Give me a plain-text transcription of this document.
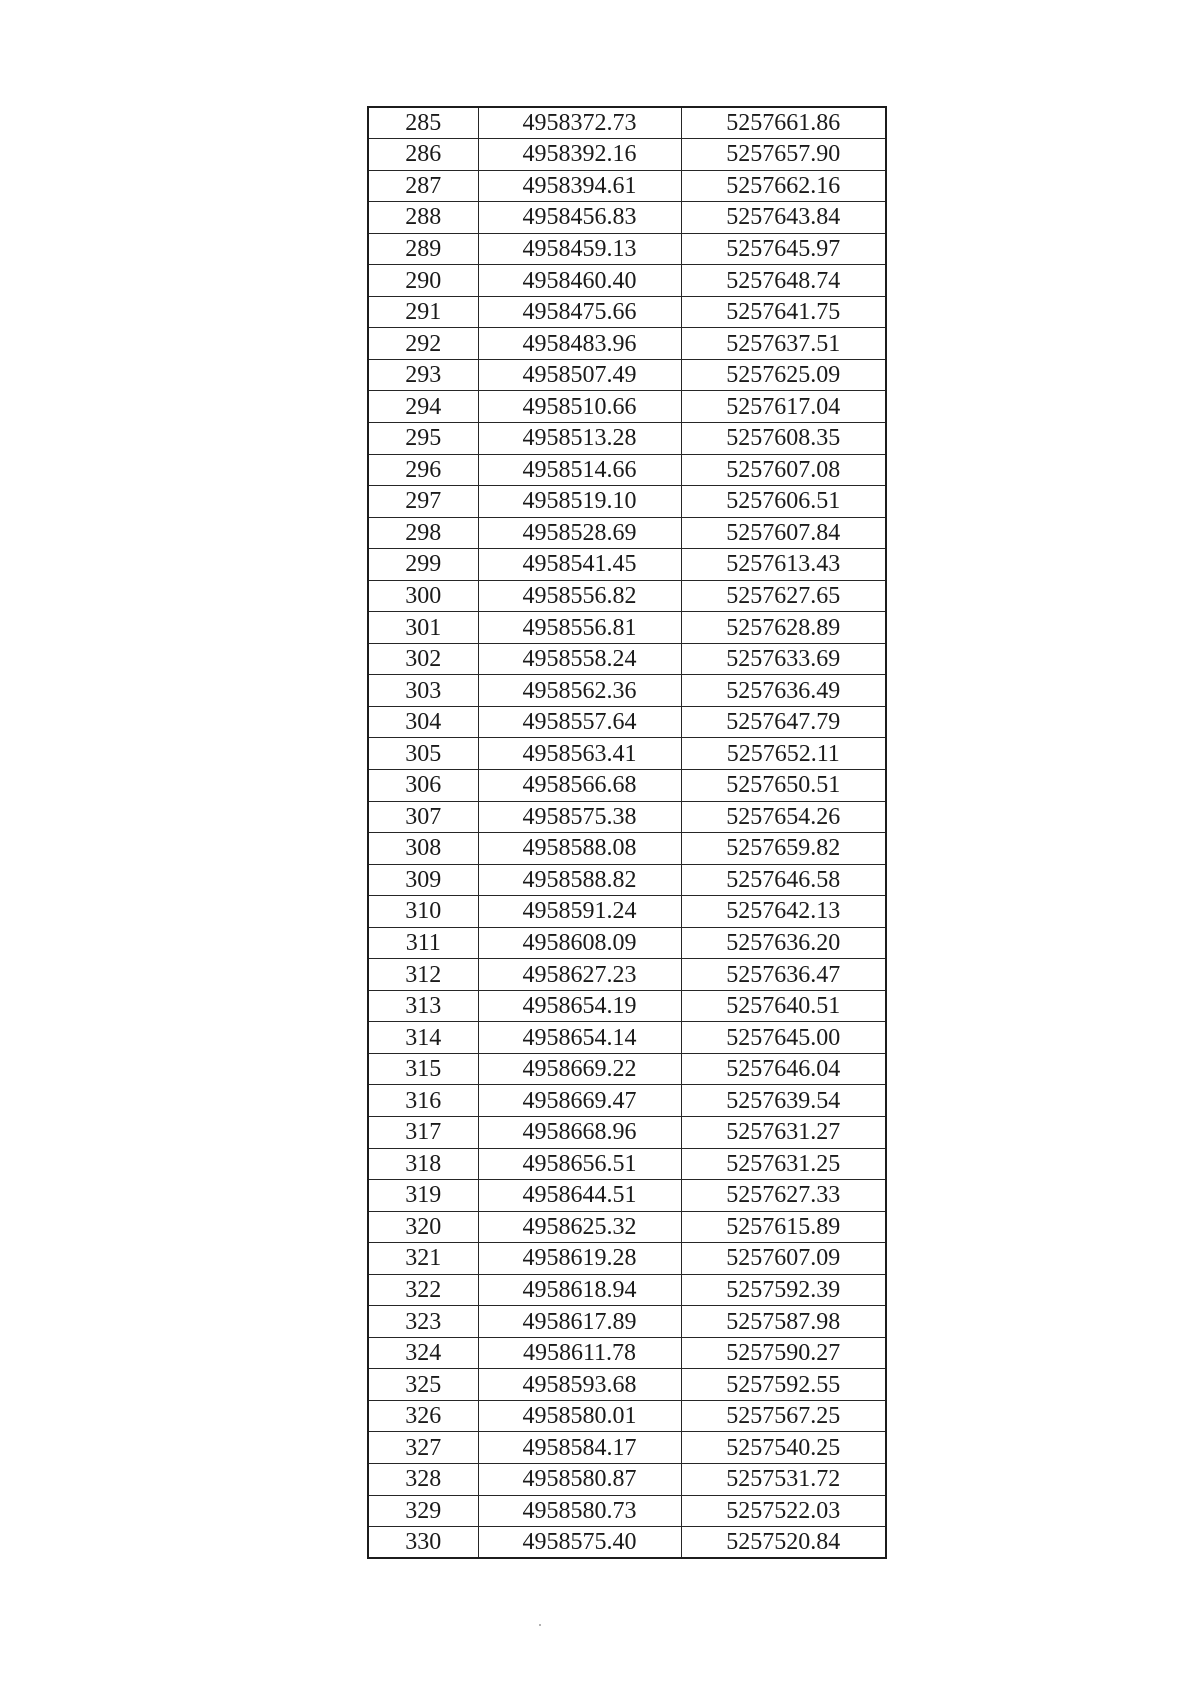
285	4958372.73	5257661.86
286	4958392.16	5257657.90
287	4958394.61	5257662.16
288	4958456.83	5257643.84
289	4958459.13	5257645.97
290	4958460.40	5257648.74
291	4958475.66	5257641.75
292	4958483.96	5257637.51
293	4958507.49	5257625.09
294	4958510.66	5257617.04
295	4958513.28	5257608.35
296	4958514.66	5257607.08
297	4958519.10	5257606.51
298	4958528.69	5257607.84
299	4958541.45	5257613.43
300	4958556.82	5257627.65
301	4958556.81	5257628.89
302	4958558.24	5257633.69
303	4958562.36	5257636.49
304	4958557.64	5257647.79
305	4958563.41	5257652.11
306	4958566.68	5257650.51
307	4958575.38	5257654.26
308	4958588.08	5257659.82
309	4958588.82	5257646.58
310	4958591.24	5257642.13
311	4958608.09	5257636.20
312	4958627.23	5257636.47
313	4958654.19	5257640.51
314	4958654.14	5257645.00
315	4958669.22	5257646.04
316	4958669.47	5257639.54
317	4958668.96	5257631.27
318	4958656.51	5257631.25
319	4958644.51	5257627.33
320	4958625.32	5257615.89
321	4958619.28	5257607.09
322	4958618.94	5257592.39
323	4958617.89	5257587.98
324	4958611.78	5257590.27
325	4958593.68	5257592.55
326	4958580.01	5257567.25
327	4958584.17	5257540.25
328	4958580.87	5257531.72
329	4958580.73	5257522.03
330	4958575.40	5257520.84
